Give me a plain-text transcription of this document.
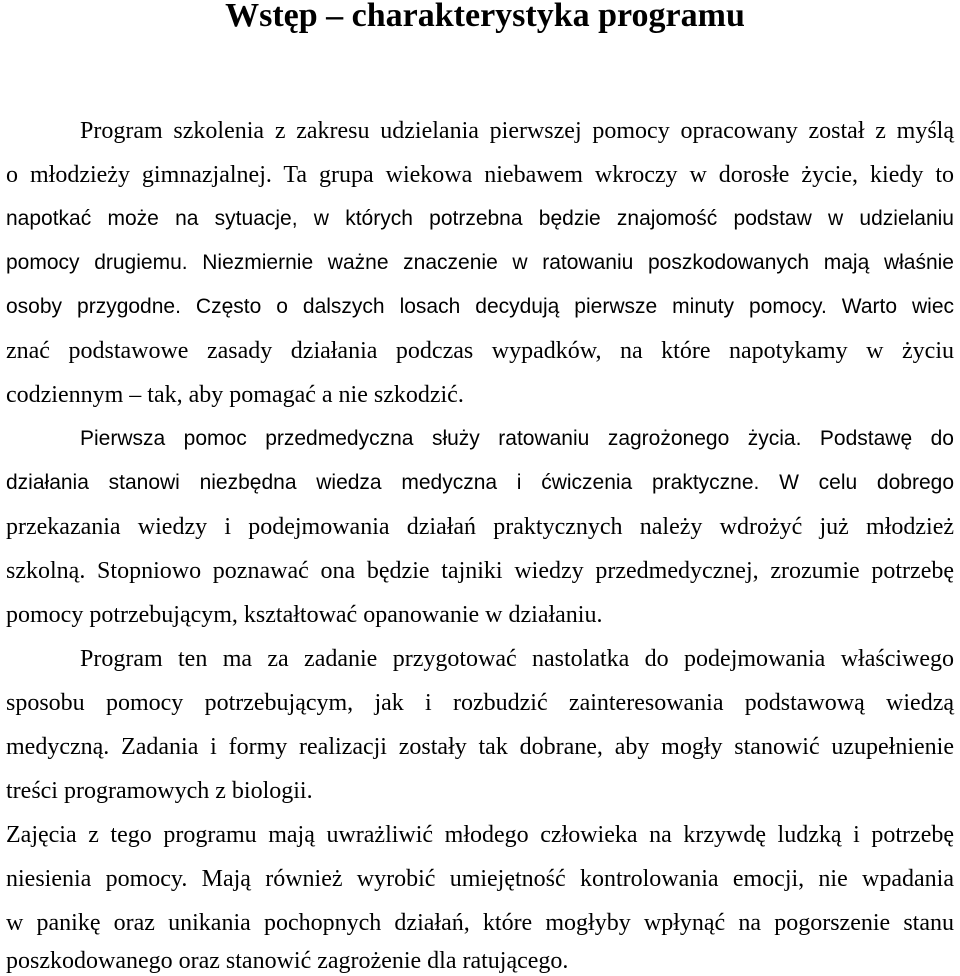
Wstęp – charakterystyka programu

Program szkolenia z zakresu udzielania pierwszej pomocy opracowany został z myślą

o młodzieży gimnazjalnej. Ta grupa wiekowa niebawem wkroczy w dorosłe życie, kiedy to

napotkać może na sytuacje, w których potrzebna będzie znajomość podstaw w udzielaniu

pomocy drugiemu. Niezmiernie ważne znaczenie w ratowaniu poszkodowanych mają właśnie

osoby przygodne. Często o dalszych losach decydują pierwsze minuty pomocy. Warto wiec

znać podstawowe zasady działania podczas wypadków, na które napotykamy w życiu

codziennym – tak, aby pomagać a nie szkodzić.

Pierwsza pomoc przedmedyczna służy ratowaniu zagrożonego życia. Podstawę do

działania stanowi niezbędna wiedza medyczna i ćwiczenia praktyczne. W celu dobrego

przekazania wiedzy i podejmowania działań praktycznych należy wdrożyć już młodzież

szkolną. Stopniowo poznawać ona będzie tajniki wiedzy przedmedycznej, zrozumie potrzebę

pomocy potrzebującym, kształtować opanowanie w działaniu.

Program ten ma za zadanie przygotować nastolatka do podejmowania właściwego

sposobu pomocy potrzebującym, jak i rozbudzić zainteresowania podstawową wiedzą

medyczną. Zadania i formy realizacji zostały tak dobrane, aby mogły stanowić uzupełnienie

treści programowych z biologii.

Zajęcia z tego programu mają uwrażliwić młodego człowieka na krzywdę ludzką i potrzebę

niesienia pomocy. Mają również wyrobić umiejętność kontrolowania emocji, nie wpadania

w panikę oraz unikania pochopnych działań, które mogłyby wpłynąć na pogorszenie stanu

poszkodowanego oraz stanowić zagrożenie dla ratującego.
